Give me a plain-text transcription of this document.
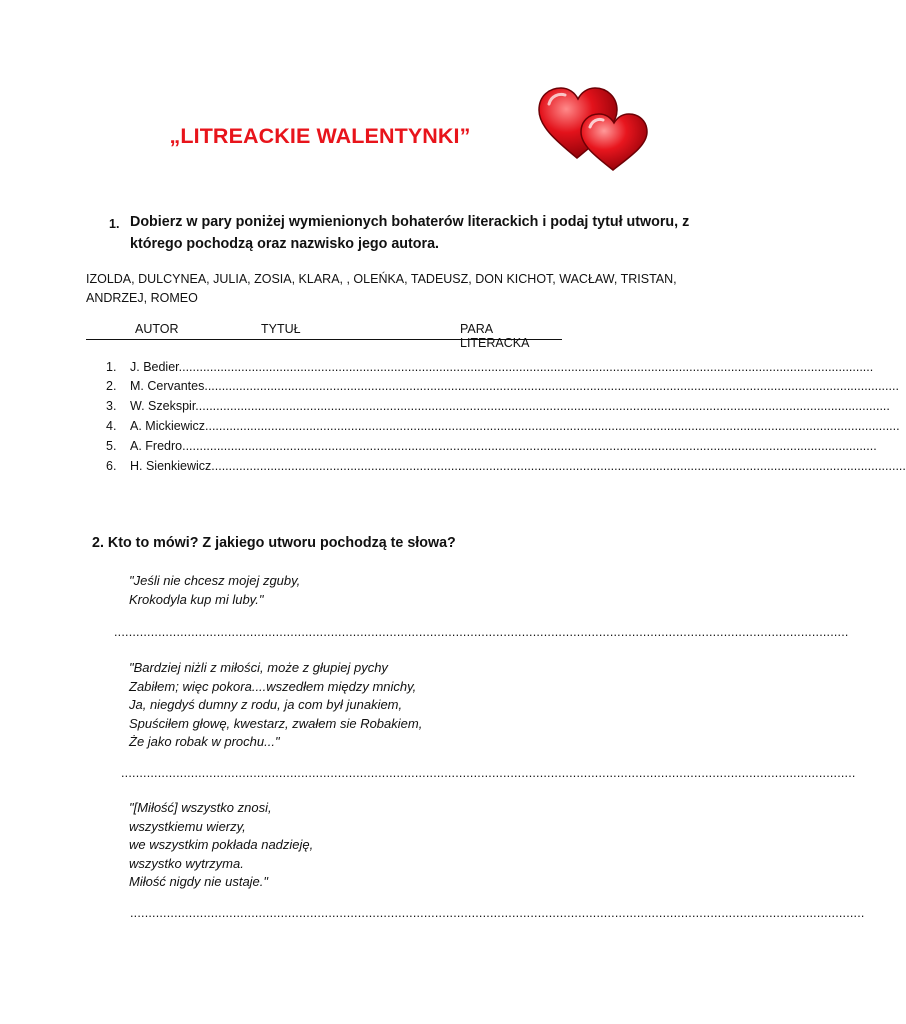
„LITREACKIE WALENTYNKI”
1. Dobierz w pary poniżej wymienionych bohaterów literackich i podaj tytuł utworu, z którego pochodzą oraz nazwisko jego autora.
IZOLDA, DULCYNEA, JULIA, ZOSIA, KLARA, , OLEŃKA, TADEUSZ, DON KICHOT, WACŁAW, TRISTAN, ANDRZEJ, ROMEO
AUTOR	TYTUŁ	PARA LITERACKA
1. J. Bedier........................................................................................................................................................................................................
2. M. Cervantes........................................................................................................................................................................................................
3. W. Szekspir........................................................................................................................................................................................................
4. A. Mickiewicz........................................................................................................................................................................................................
5. A. Fredro........................................................................................................................................................................................................
6. H. Sienkiewicz........................................................................................................................................................................................................
2. Kto to mówi? Z jakiego utworu pochodzą te słowa?
"Jeśli nie chcesz mojej zguby,
Krokodyla kup mi luby."
........................................................................................................................................................................................................
"Bardziej niżli z miłości, może z głupiej pychy
Zabiłem; więc pokora....wszedłem między mnichy,
Ja, niegdyś dumny z rodu, ja com był junakiem,
Spuściłem głowę, kwestarz, zwałem sie Robakiem,
Że jako robak w prochu..."
........................................................................................................................................................................................................
"[Miłość] wszystko znosi,
wszystkiemu wierzy,
we wszystkim pokłada nadzieję,
wszystko wytrzyma.
Miłość nigdy nie ustaje."
........................................................................................................................................................................................................
